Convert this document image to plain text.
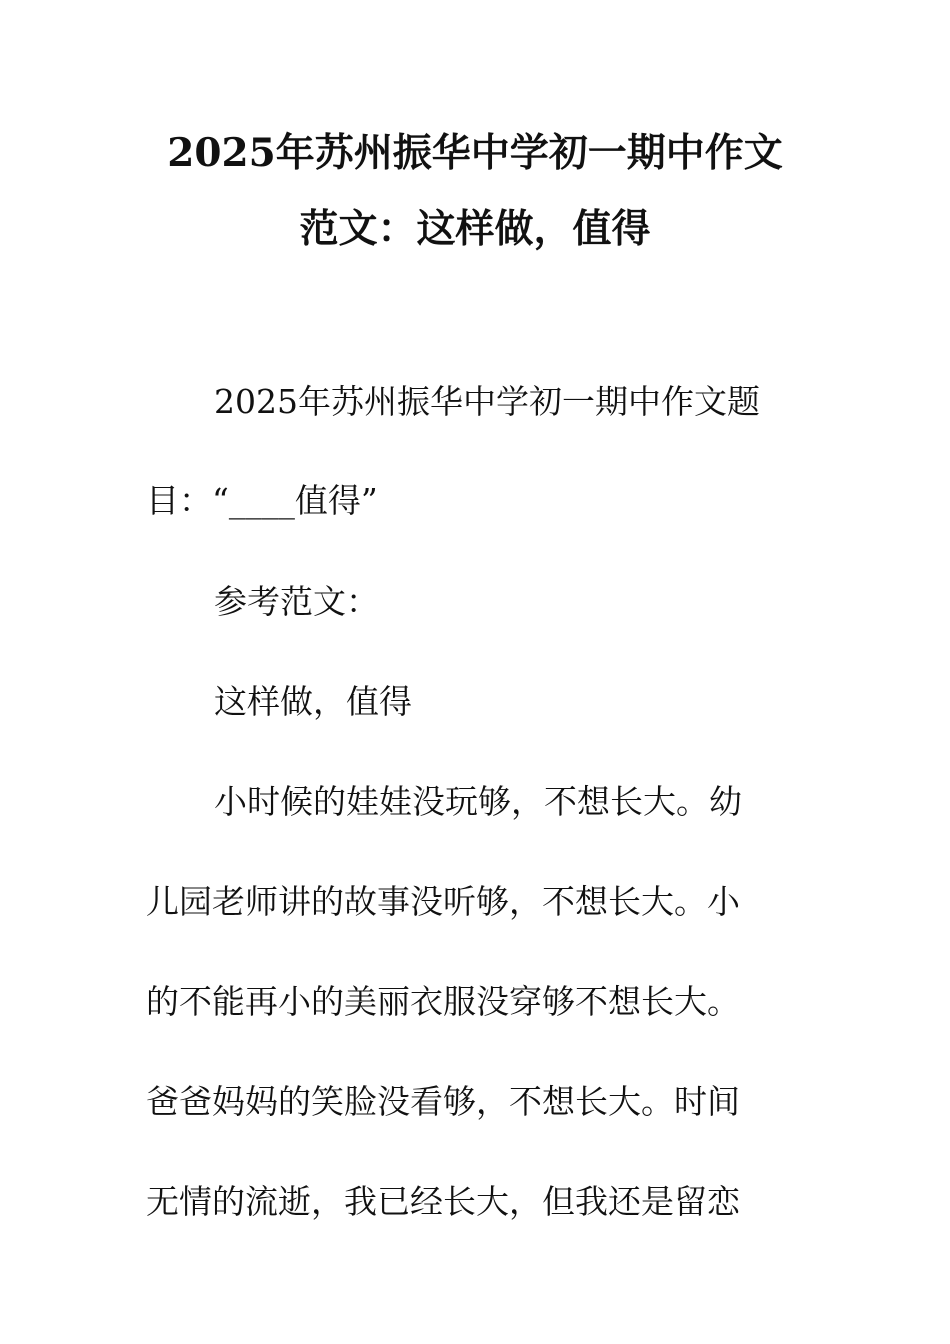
2025年苏州振华中学初一期中作文
范文：这样做，值得
2025年苏州振华中学初一期中作文题
目：“____值得”
参考范文：
这样做，值得
小时候的娃娃没玩够，不想长大。幼
儿园老师讲的故事没听够，不想长大。小
的不能再小的美丽衣服没穿够不想长大。
爸爸妈妈的笑脸没看够，不想长大。时间
无情的流逝，我已经长大，但我还是留恋
